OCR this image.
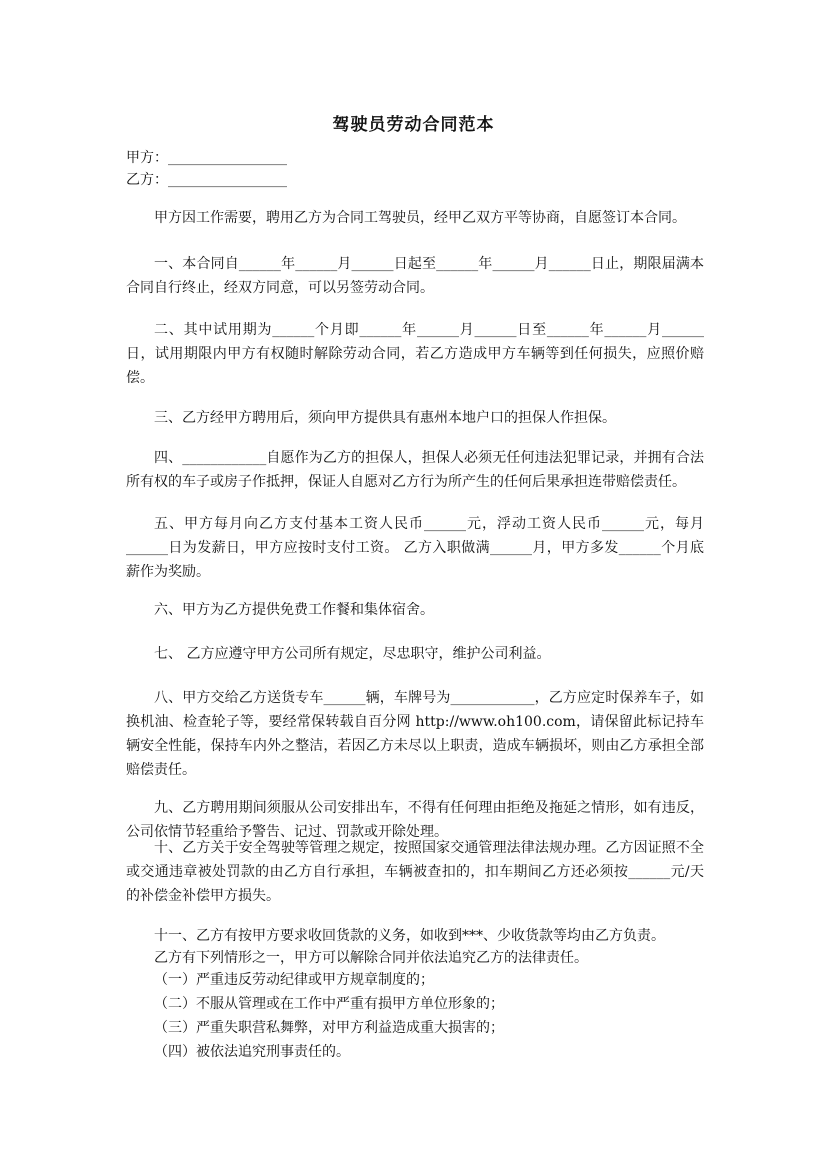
驾驶员劳动合同范本
甲方：_________________
乙方：_________________

甲方因工作需要，聘用乙方为合同工驾驶员，经甲乙双方平等协商，自愿签订本合同。

一、本合同自______年______月______日起至______年______月______日止，期限届满本合同自行终止，经双方同意，可以另签劳动合同。

二、其中试用期为______个月即______年______月______日至______年______月______日，试用期限内甲方有权随时解除劳动合同，若乙方造成甲方车辆等到任何损失，应照价赔偿。

三、乙方经甲方聘用后，须向甲方提供具有惠州本地户口的担保人作担保。

四、____________自愿作为乙方的担保人，担保人必须无任何违法犯罪记录，并拥有合法所有权的车子或房子作抵押，保证人自愿对乙方行为所产生的任何后果承担连带赔偿责任。

五、甲方每月向乙方支付基本工资人民币______元，浮动工资人民币______元，每月______日为发薪日，甲方应按时支付工资。 乙方入职做满______月，甲方多发______个月底薪作为奖励。

六、甲方为乙方提供免费工作餐和集体宿舍。

七、 乙方应遵守甲方公司所有规定，尽忠职守，维护公司利益。

八、甲方交给乙方送货专车______辆，车牌号为____________，乙方应定时保养车子，如换机油、检查轮子等，要经常保转载自百分网 http://www.oh100.com，请保留此标记持车辆安全性能，保持车内外之整洁，若因乙方未尽以上职责，造成车辆损坏，则由乙方承担全部赔偿责任。

九、乙方聘用期间须服从公司安排出车，不得有任何理由拒绝及拖延之情形，如有违反，公司依情节轻重给予警告、记过、罚款或开除处理。

十、乙方关于安全驾驶等管理之规定，按照国家交通管理法律法规办理。乙方因证照不全或交通违章被处罚款的由乙方自行承担，车辆被查扣的，扣车期间乙方还必须按______元/天的补偿金补偿甲方损失。

十一、乙方有按甲方要求收回货款的义务，如收到***、少收货款等均由乙方负责。

乙方有下列情形之一，甲方可以解除合同并依法追究乙方的法律责任。

（一）严重违反劳动纪律或甲方规章制度的；
（二）不服从管理或在工作中严重有损甲方单位形象的；
（三）严重失职营私舞弊，对甲方利益造成重大损害的；
（四）被依法追究刑事责任的。
